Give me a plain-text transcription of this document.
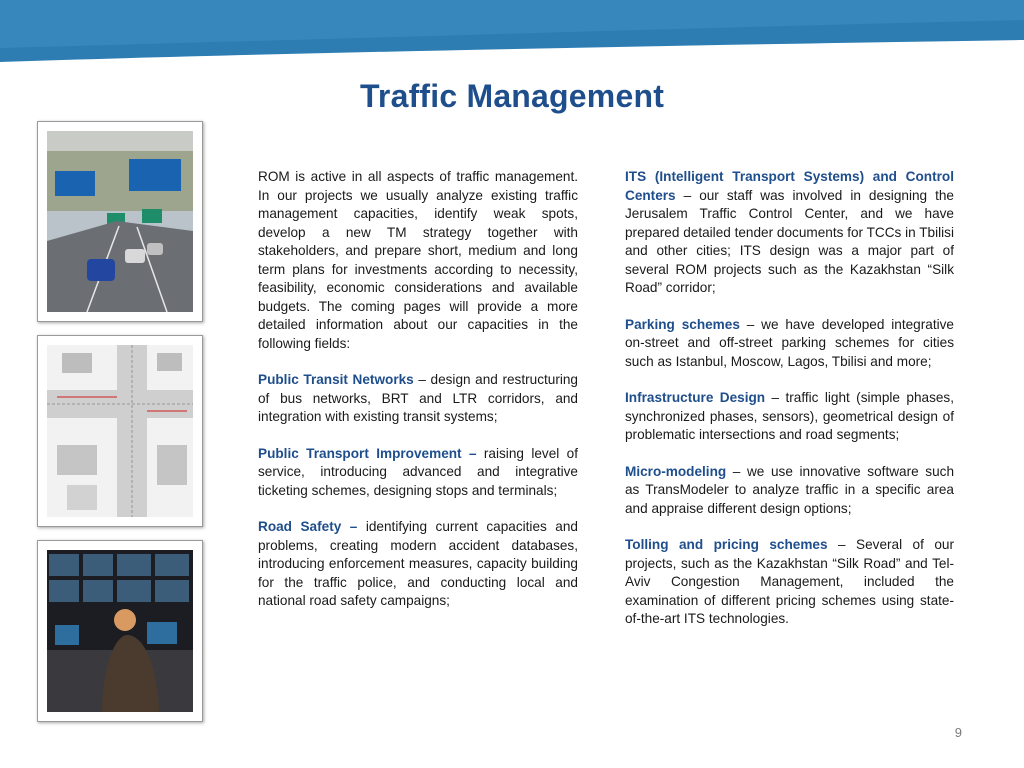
Traffic Management

ROM is active in all aspects of traffic management. In our projects we usually analyze existing traffic management capacities, identify weak spots, develop a new TM strategy together with stakeholders, and prepare short, medium and long term plans for investments according to necessity, feasibility, economic considerations and available budgets. The coming pages will provide a more detailed information about our capacities in the following fields:

Public Transit Networks – design and restructuring of bus networks, BRT and LTR corridors, and integration with existing transit systems;

Public Transport Improvement – raising level of service, introducing advanced and integrative ticketing schemes, designing stops and terminals;

Road Safety – identifying current capacities and problems, creating modern accident databases, introducing enforcement measures, capacity building for the traffic police, and conducting local and national road safety campaigns;

ITS (Intelligent Transport Systems) and Control Centers – our staff was involved in designing the Jerusalem Traffic Control Center, and we have prepared detailed tender documents for TCCs in Tbilisi and other cities; ITS design was a major part of several ROM projects such as the Kazakhstan “Silk Road” corridor;

Parking schemes – we have developed integrative on-street and off-street parking schemes for cities such as Istanbul, Moscow, Lagos, Tbilisi and more;

Infrastructure Design – traffic light (simple phases, synchronized phases, sensors), geometrical design of problematic intersections and road segments;

Micro-modeling – we use innovative software such as TransModeler to analyze traffic in a specific area and appraise different design options;

Tolling and pricing schemes – Several of our projects, such as the Kazakhstan “Silk Road” and Tel-Aviv Congestion Management, included the examination of different pricing schemes using state-of-the-art ITS technologies.

9
